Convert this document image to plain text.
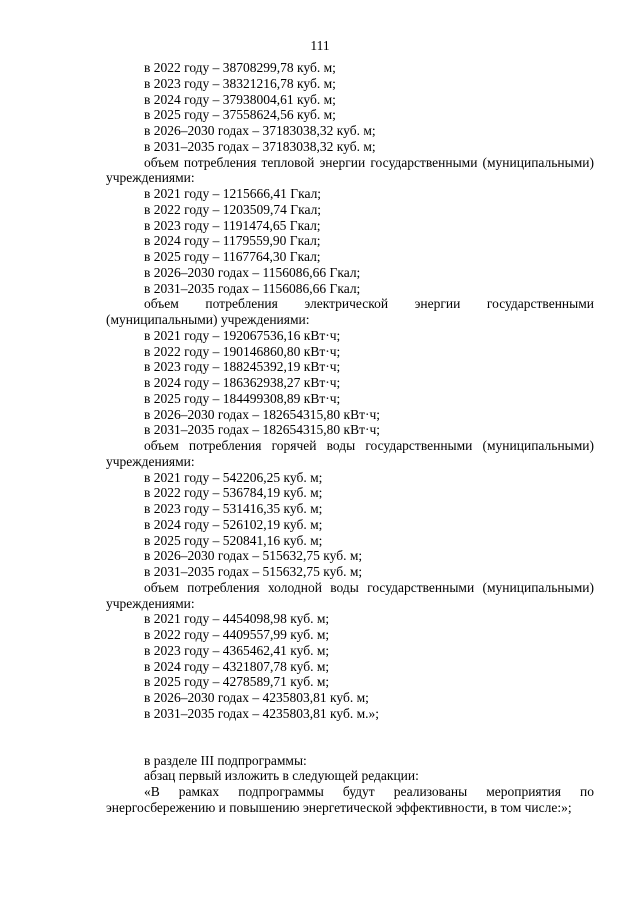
111
в 2022 году – 38708299,78 куб. м;
в 2023 году – 38321216,78 куб. м;
в 2024 году – 37938004,61 куб. м;
в 2025 году – 37558624,56 куб. м;
в 2026–2030 годах – 37183038,32 куб. м;
в 2031–2035 годах – 37183038,32 куб. м;
объем потребления тепловой энергии государственными (муниципальными) учреждениями:
в 2021 году – 1215666,41 Гкал;
в 2022 году – 1203509,74 Гкал;
в 2023 году – 1191474,65 Гкал;
в 2024 году – 1179559,90 Гкал;
в 2025 году – 1167764,30 Гкал;
в 2026–2030 годах – 1156086,66 Гкал;
в 2031–2035 годах – 1156086,66 Гкал;
объем потребления электрической энергии государственными (муниципальными) учреждениями:
в 2021 году – 192067536,16 кВт·ч;
в 2022 году – 190146860,80 кВт·ч;
в 2023 году – 188245392,19 кВт·ч;
в 2024 году – 186362938,27 кВт·ч;
в 2025 году – 184499308,89 кВт·ч;
в 2026–2030 годах – 182654315,80 кВт·ч;
в 2031–2035 годах – 182654315,80 кВт·ч;
объем потребления горячей воды государственными (муниципальными) учреждениями:
в 2021 году – 542206,25 куб. м;
в 2022 году – 536784,19 куб. м;
в 2023 году – 531416,35 куб. м;
в 2024 году – 526102,19 куб. м;
в 2025 году – 520841,16 куб. м;
в 2026–2030 годах – 515632,75 куб. м;
в 2031–2035 годах – 515632,75 куб. м;
объем потребления холодной воды государственными (муниципальными) учреждениями:
в 2021 году – 4454098,98 куб. м;
в 2022 году – 4409557,99 куб. м;
в 2023 году – 4365462,41 куб. м;
в 2024 году – 4321807,78 куб. м;
в 2025 году – 4278589,71 куб. м;
в 2026–2030 годах – 4235803,81 куб. м;
в 2031–2035 годах – 4235803,81 куб. м.»;
в разделе III подпрограммы:
абзац первый изложить в следующей редакции:
«В рамках подпрограммы будут реализованы мероприятия по энергосбережению и повышению энергетической эффективности, в том числе:»;
